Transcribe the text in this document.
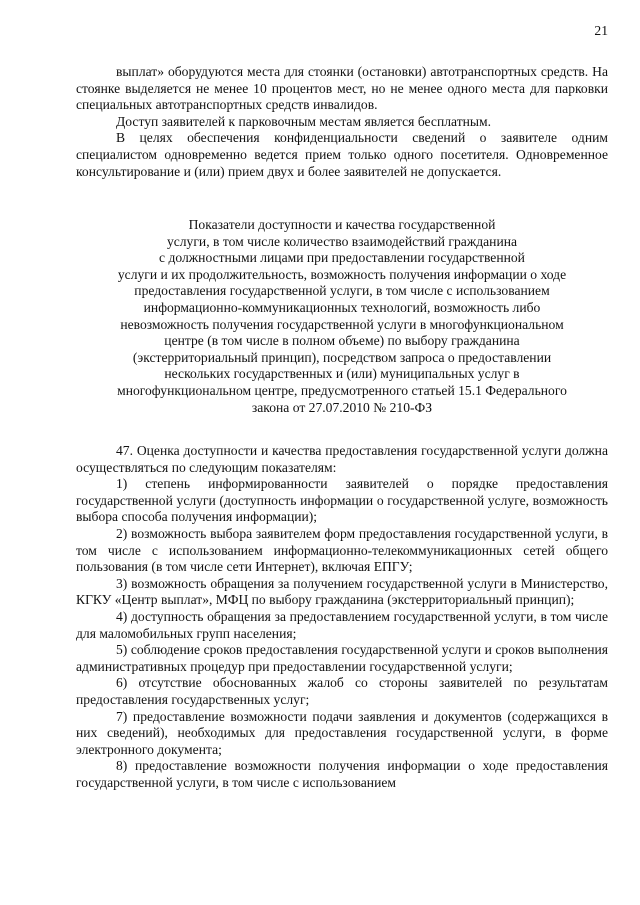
21

выплат» оборудуются места для стоянки (остановки) автотранспортных средств. На стоянке выделяется не менее 10 процентов мест, но не менее одного места для парковки специальных автотранспортных средств инвалидов.

Доступ заявителей к парковочным местам является бесплатным.

В целях обеспечения конфиденциальности сведений о заявителе одним специалистом одновременно ведется прием только одного посетителя. Одновременное консультирование и (или) прием двух и более заявителей не допускается.

Показатели доступности и качества государственной
услуги, в том числе количество взаимодействий гражданина
с должностными лицами при предоставлении государственной
услуги и их продолжительность, возможность получения информации о ходе
предоставления государственной услуги, в том числе с использованием
информационно-коммуникационных технологий, возможность либо
невозможность получения государственной услуги в многофункциональном
центре (в том числе в полном объеме) по выбору гражданина
(экстерриториальный принцип), посредством запроса о предоставлении
нескольких государственных и (или) муниципальных услуг в
многофункциональном центре, предусмотренного статьей 15.1 Федерального
закона от 27.07.2010 № 210-ФЗ

47. Оценка доступности и качества предоставления государственной услуги должна осуществляться по следующим показателям:

1) степень информированности заявителей о порядке предоставления государственной услуги (доступность информации о государственной услуге, возможность выбора способа получения информации);

2) возможность выбора заявителем форм предоставления государственной услуги, в том числе с использованием информационно-телекоммуникационных сетей общего пользования (в том числе сети Интернет), включая ЕПГУ;

3) возможность обращения за получением государственной услуги в Министерство, КГКУ «Центр выплат», МФЦ по выбору гражданина (экстерриториальный принцип);

4) доступность обращения за предоставлением государственной услуги, в том числе для маломобильных групп населения;

5) соблюдение сроков предоставления государственной услуги и сроков выполнения административных процедур при предоставлении государственной услуги;

6) отсутствие обоснованных жалоб со стороны заявителей по результатам предоставления государственных услуг;

7) предоставление возможности подачи заявления и документов (содержащихся в них сведений), необходимых для предоставления государственной услуги, в форме электронного документа;

8) предоставление возможности получения информации о ходе предоставления государственной услуги, в том числе с использованием
